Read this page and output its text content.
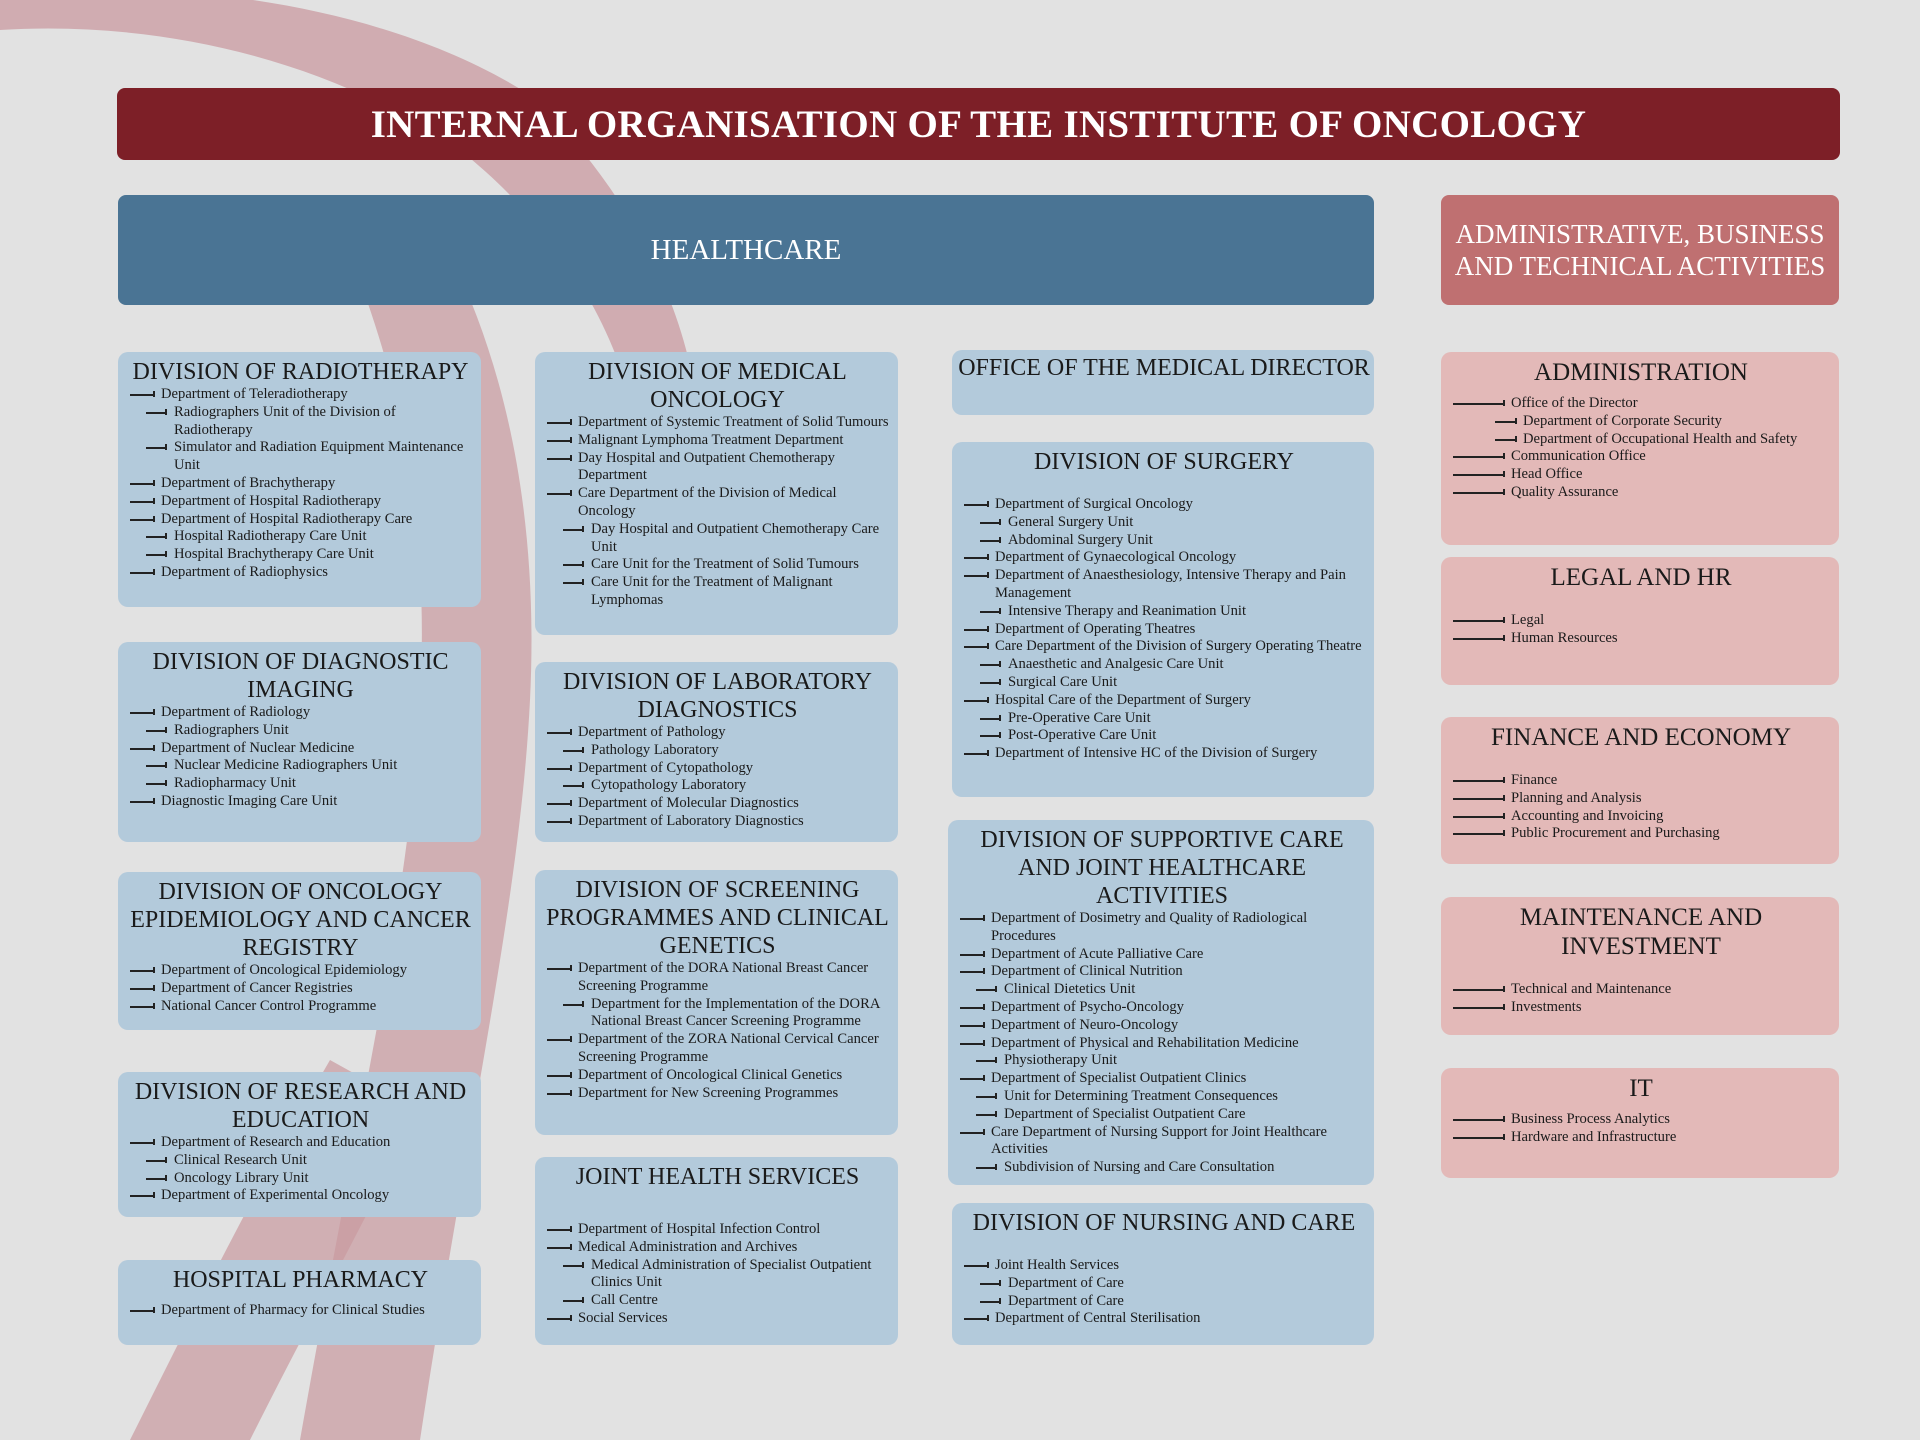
INTERNAL ORGANISATION OF THE INSTITUTE OF ONCOLOGY
HEALTHCARE	ADMINISTRATIVE, BUSINESS AND TECHNICAL ACTIVITIES
DIVISION OF RADIOTHERAPY
Department of Teleradiotherapy
Radiographers Unit of the Division of Radiotherapy
Simulator and Radiation Equipment Maintenance Unit
Department of Brachytherapy
Department of Hospital Radiotherapy
Department of Hospital Radiotherapy Care
Hospital Radiotherapy Care Unit
Hospital Brachytherapy Care Unit
Department of Radiophysics
DIVISION OF DIAGNOSTIC IMAGING
Department of Radiology
Radiographers Unit
Department of Nuclear Medicine
Nuclear Medicine Radiographers Unit
Radiopharmacy Unit
Diagnostic Imaging Care Unit
DIVISION OF ONCOLOGY EPIDEMIOLOGY AND CANCER REGISTRY
Department of Oncological Epidemiology
Department of Cancer Registries
National Cancer Control Programme
DIVISION OF RESEARCH AND EDUCATION
Department of Research and Education
Clinical Research Unit
Oncology Library Unit
Department of Experimental Oncology
HOSPITAL PHARMACY
Department of Pharmacy for Clinical Studies
DIVISION OF MEDICAL ONCOLOGY
Department of Systemic Treatment of Solid Tumours
Malignant Lymphoma Treatment Department
Day Hospital and Outpatient Chemotherapy Department
Care Department of the Division of Medical Oncology
Day Hospital and Outpatient Chemotherapy Care Unit
Care Unit for the Treatment of Solid Tumours
Care Unit for the Treatment of Malignant Lymphomas
DIVISION OF LABORATORY DIAGNOSTICS
Department of Pathology
Pathology Laboratory
Department of Cytopathology
Cytopathology Laboratory
Department of Molecular Diagnostics
Department of Laboratory Diagnostics
DIVISION OF SCREENING PROGRAMMES AND CLINICAL GENETICS
Department of the DORA National Breast Cancer Screening Programme
Department for the Implementation of the DORA National Breast Cancer Screening Programme
Department of the ZORA National Cervical Cancer Screening Programme
Department of Oncological Clinical Genetics
Department for New Screening Programmes
JOINT HEALTH SERVICES
Department of Hospital Infection Control
Medical Administration and Archives
Medical Administration of Specialist Outpatient Clinics Unit
Call Centre
Social Services
OFFICE OF THE MEDICAL DIRECTOR
DIVISION OF SURGERY
Department of Surgical Oncology
General Surgery Unit
Abdominal Surgery Unit
Department of Gynaecological Oncology
Department of Anaesthesiology, Intensive Therapy and Pain Management
Intensive Therapy and Reanimation Unit
Department of Operating Theatres
Care Department of the Division of Surgery Operating Theatre
Anaesthetic and Analgesic Care Unit
Surgical Care Unit
Hospital Care of the Department of Surgery
Pre-Operative Care Unit
Post-Operative Care Unit
Department of Intensive HC of the Division of Surgery
DIVISION OF SUPPORTIVE CARE AND JOINT HEALTHCARE ACTIVITIES
Department of Dosimetry and Quality of Radiological Procedures
Department of Acute Palliative Care
Department of Clinical Nutrition
Clinical Dietetics Unit
Department of Psycho-Oncology
Department of Neuro-Oncology
Department of Physical and Rehabilitation Medicine
Physiotherapy Unit
Department of Specialist Outpatient Clinics
Unit for Determining Treatment Consequences
Department of Specialist Outpatient Care
Care Department of Nursing Support for Joint Healthcare Activities
Subdivision of Nursing and Care Consultation
DIVISION OF NURSING AND CARE
Joint Health Services
Department of Care
Department of Care
Department of Central Sterilisation
ADMINISTRATION
Office of the Director
Department of Corporate Security
Department of Occupational Health and Safety
Communication Office
Head Office
Quality Assurance
LEGAL AND HR
Legal
Human Resources
FINANCE AND ECONOMY
Finance
Planning and Analysis
Accounting and Invoicing
Public Procurement and Purchasing
MAINTENANCE AND INVESTMENT
Technical and Maintenance
Investments
IT
Business Process Analytics
Hardware and Infrastructure
